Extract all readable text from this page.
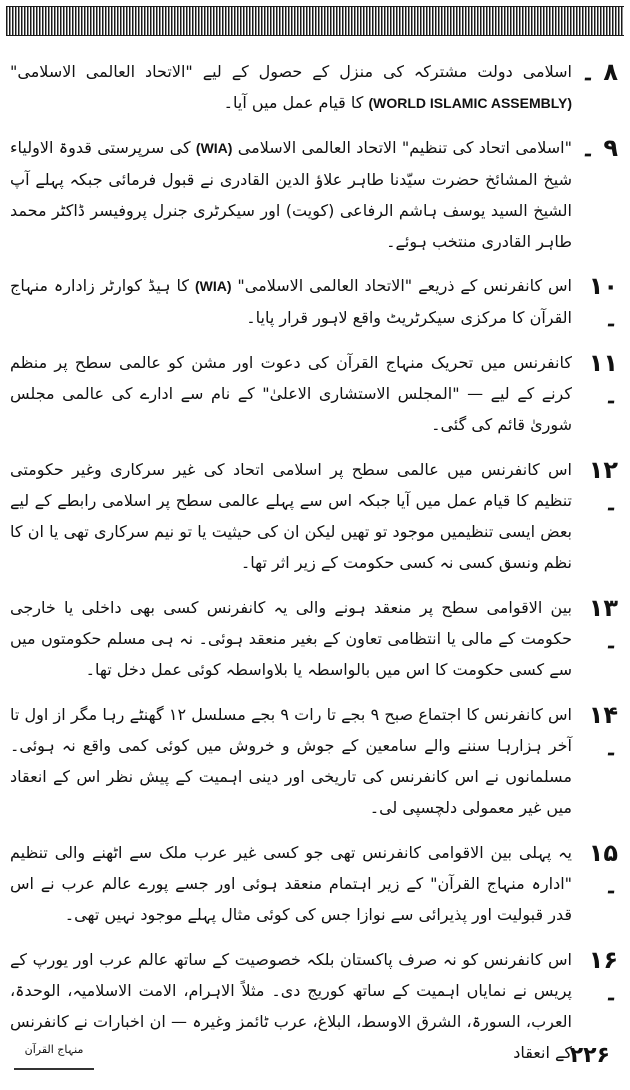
۸ ۔

اسلامی دولت مشترکہ کی منزل کے حصول کے لیے "الاتحاد العالمی الاسلامی" (WORLD ISLAMIC ASSEMBLY) کا قیام عمل میں آیا۔

۹ ۔

"اسلامی اتحاد کی تنظیم" الاتحاد العالمی الاسلامی (WIA) کی سرپرستی قدوۃ الاولیاء شیخ المشائخ حضرت سیّدنا طاہر علاؤ الدین القادری نے قبول فرمائی جبکہ پہلے آپ الشیخ السید یوسف ہاشم الرفاعی (کویت) اور سیکرٹری جنرل پروفیسر ڈاکٹر محمد طاہر القادری منتخب ہوئے۔

۱۰ ۔

اس کانفرنس کے ذریعے "الاتحاد العالمی الاسلامی" (WIA) کا ہیڈ کوارٹر زادارہ منہاج القرآن کا مرکزی سیکرٹریٹ واقع لاہور قرار پایا۔

۱۱ ۔

کانفرنس میں تحریک منہاج القرآن کی دعوت اور مشن کو عالمی سطح پر منظم کرنے کے لیے — "المجلس الاستشاری الاعلیٰ" کے نام سے ادارے کی عالمی مجلس شوریٰ قائم کی گئی۔

۱۲ ۔

اس کانفرنس میں عالمی سطح پر اسلامی اتحاد کی غیر سرکاری وغیر حکومتی تنظیم کا قیام عمل میں آیا جبکہ اس سے پہلے عالمی سطح پر اسلامی رابطے کے لیے بعض ایسی تنظیمیں موجود تو تھیں لیکن ان کی حیثیت یا تو نیم سرکاری تھی یا ان کا نظم ونسق کسی نہ کسی حکومت کے زیر اثر تھا۔

۱۳ ۔

بین الاقوامی سطح پر منعقد ہونے والی یہ کانفرنس کسی بھی داخلی یا خارجی حکومت کے مالی یا انتظامی تعاون کے بغیر منعقد ہوئی۔ نہ ہی مسلم حکومتوں میں سے کسی حکومت کا اس میں بالواسطہ یا بلاواسطہ کوئی عمل دخل تھا۔

۱۴ ۔

اس کانفرنس کا اجتماع صبح ۹ بجے تا رات ۹ بجے مسلسل ۱۲ گھنٹے رہا مگر از اول تا آخر ہزارہا سننے والے سامعین کے جوش و خروش میں کوئی کمی واقع نہ ہوئی۔ مسلمانوں نے اس کانفرنس کی تاریخی اور دینی اہمیت کے پیش نظر اس کے انعقاد میں غیر معمولی دلچسپی لی۔

۱۵ ۔

یہ پہلی بین الاقوامی کانفرنس تھی جو کسی غیر عرب ملک سے اٹھنے والی تنظیم "ادارہ منہاج القرآن" کے زیر اہتمام منعقد ہوئی اور جسے پورے عالم عرب نے اس قدر قبولیت اور پذیرائی سے نوازا جس کی کوئی مثال پہلے موجود نہیں تھی۔

۱۶ ۔

اس کانفرنس کو نہ صرف پاکستان بلکہ خصوصیت کے ساتھ عالم عرب اور یورپ کے پریس نے نمایاں اہمیت کے ساتھ کوریج دی۔ مثلاً الاہرام، الامت الاسلامیہ، الوحدۃ، العرب، السورۃ، الشرق الاوسط، البلاغ، عرب ٹائمز وغیرہ — ان اخبارات نے کانفرنس کے انعقاد

منہاج القرآن	۲۲۶
